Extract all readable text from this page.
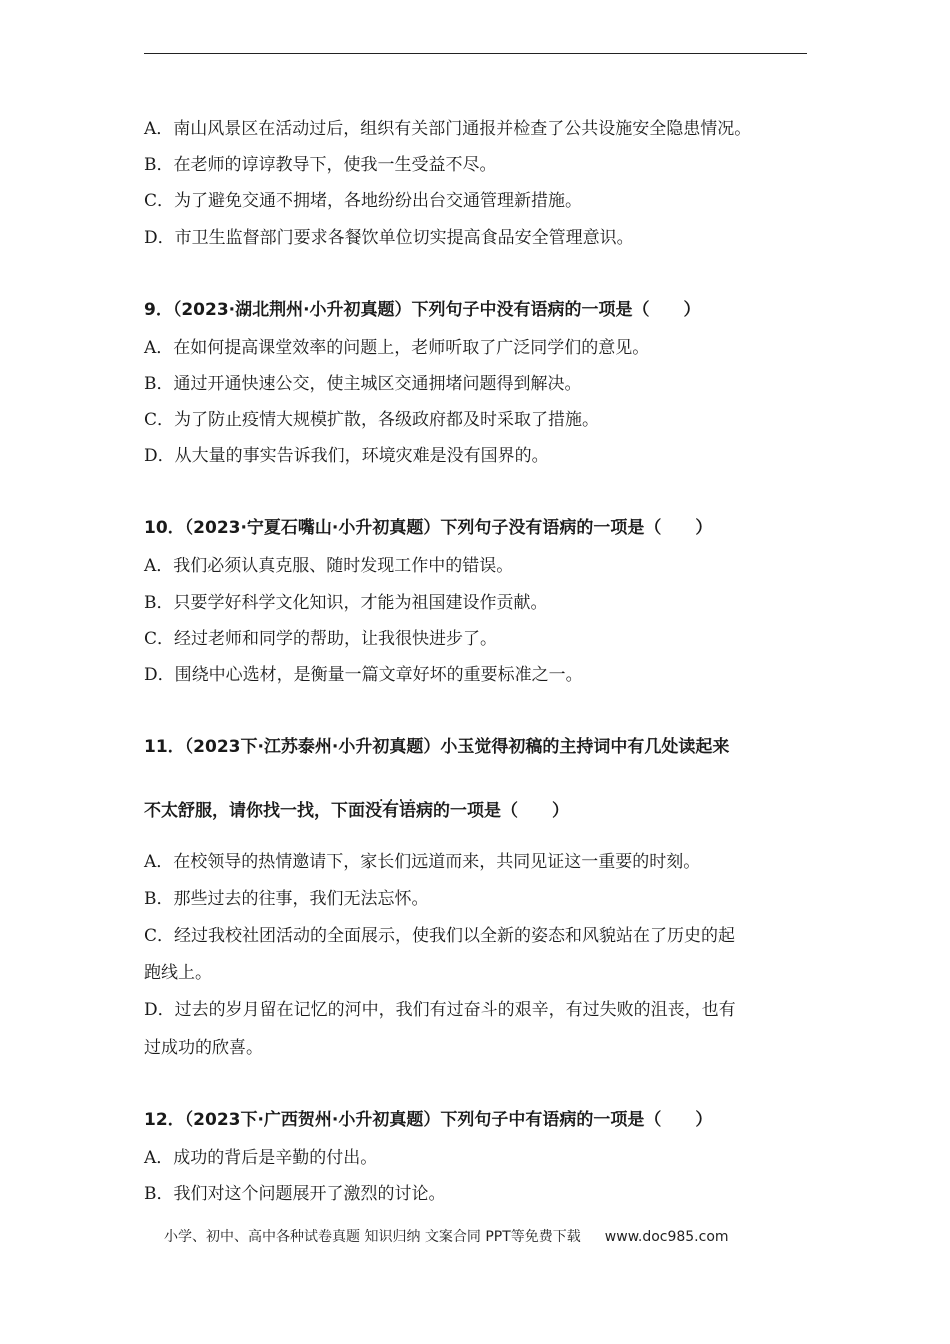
A．南山风景区在活动过后，组织有关部门通报并检查了公共设施安全隐患情况。
B．在老师的谆谆教导下，使我一生受益不尽。
C．为了避免交通不拥堵，各地纷纷出台交通管理新措施。
D．市卫生监督部门要求各餐饮单位切实提高食品安全管理意识。
9．（2023·湖北荆州·小升初真题）下列句子中没有语病的一项是（　　）
A．在如何提高课堂效率的问题上，老师听取了广泛同学们的意见。
B．通过开通快速公交，使主城区交通拥堵问题得到解决。
C．为了防止疫情大规模扩散，各级政府都及时采取了措施。
D．从大量的事实告诉我们，环境灾难是没有国界的。
10．（2023·宁夏石嘴山·小升初真题）下列句子没有语病的一项是（　　）
A．我们必须认真克服、随时发现工作中的错误。
B．只要学好科学文化知识，才能为祖国建设作贡献。
C．经过老师和同学的帮助，让我很快进步了。
D．围绕中心选材，是衡量一篇文章好坏的重要标准之一。
11．（2023下·江苏泰州·小升初真题）小玉觉得初稿的主持词中有几处读起来
不太舒服，请你找一找，下面
....
没有语病的一项是（　　）
A．在校领导的热情邀请下，家长们远道而来，共同见证这一重要的时刻。
B．那些过去的往事，我们无法忘怀。
C．经过我校社团活动的全面展示，使我们以全新的姿态和风貌站在了历史的起
跑线上。
D．过去的岁月留在记忆的河中，我们有过奋斗的艰辛，有过失败的沮丧，也有
过成功的欣喜。
12．（2023下·广西贺州·小升初真题）下列句子中有语病的一项是（　　）
A．成功的背后是辛勤的付出。
B．我们对这个问题展开了激烈的讨论。
小学、初中、高中各种试卷真题 知识归纳 文案合同 PPT等免费下载 www.doc985.com
